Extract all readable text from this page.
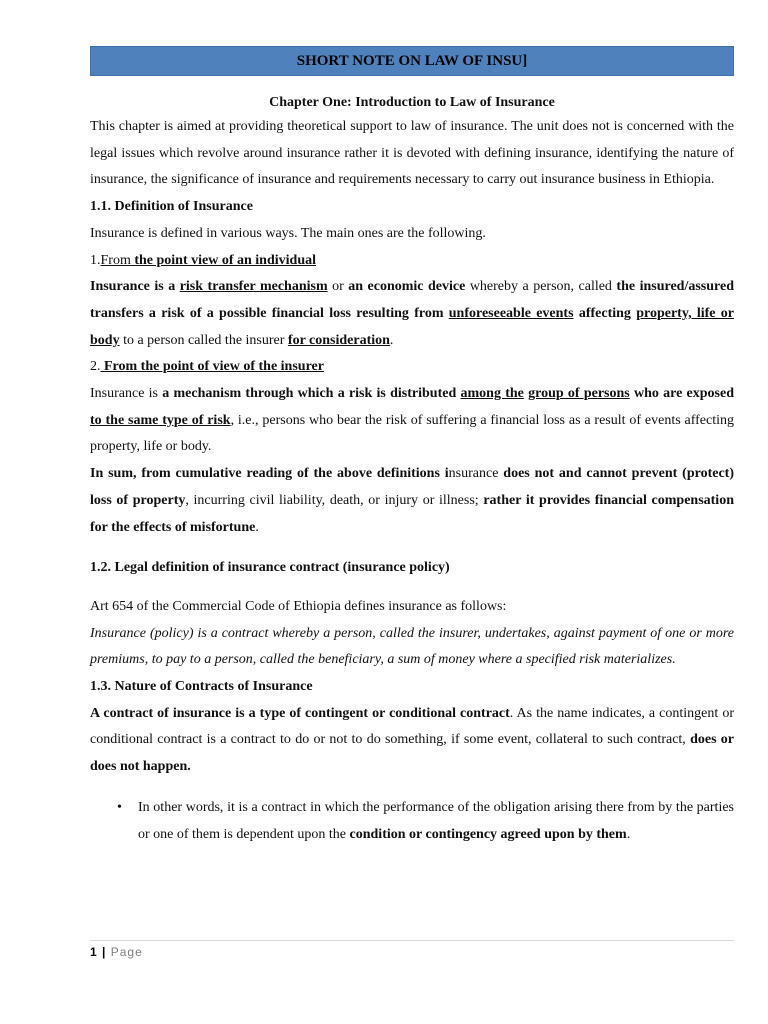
SHORT NOTE ON LAW OF INSU]
Chapter One: Introduction to Law of Insurance

This chapter is aimed at providing theoretical support to law of insurance. The unit does not is concerned with the legal issues which revolve around insurance rather it is devoted with defining insurance, identifying the nature of insurance, the significance of insurance and requirements necessary to carry out insurance business in Ethiopia.

1.1. Definition of Insurance

Insurance is defined in various ways. The main ones are the following.

1.From the point view of an individual

Insurance is a risk transfer mechanism or an economic device whereby a person, called the insured/assured transfers a risk of a possible financial loss resulting from unforeseeable events affecting property, life or body to a person called the insurer for consideration.

2. From the point of view of the insurer

Insurance is a mechanism through which a risk is distributed among the group of persons who are exposed to the same type of risk, i.e., persons who bear the risk of suffering a financial loss as a result of events affecting property, life or body.

In sum, from cumulative reading of the above definitions insurance does not and cannot prevent (protect) loss of property, incurring civil liability, death, or injury or illness; rather it provides financial compensation for the effects of misfortune.

1.2. Legal definition of insurance contract (insurance policy)

Art 654 of the Commercial Code of Ethiopia defines insurance as follows:

Insurance (policy) is a contract whereby a person, called the insurer, undertakes, against payment of one or more premiums, to pay to a person, called the beneficiary, a sum of money where a specified risk materializes.

1.3. Nature of Contracts of Insurance

A contract of insurance is a type of contingent or conditional contract. As the name indicates, a contingent or conditional contract is a contract to do or not to do something, if some event, collateral to such contract, does or does not happen.

•	In other words, it is a contract in which the performance of the obligation arising there from by the parties or one of them is dependent upon the condition or contingency agreed upon by them.

1 | Page
